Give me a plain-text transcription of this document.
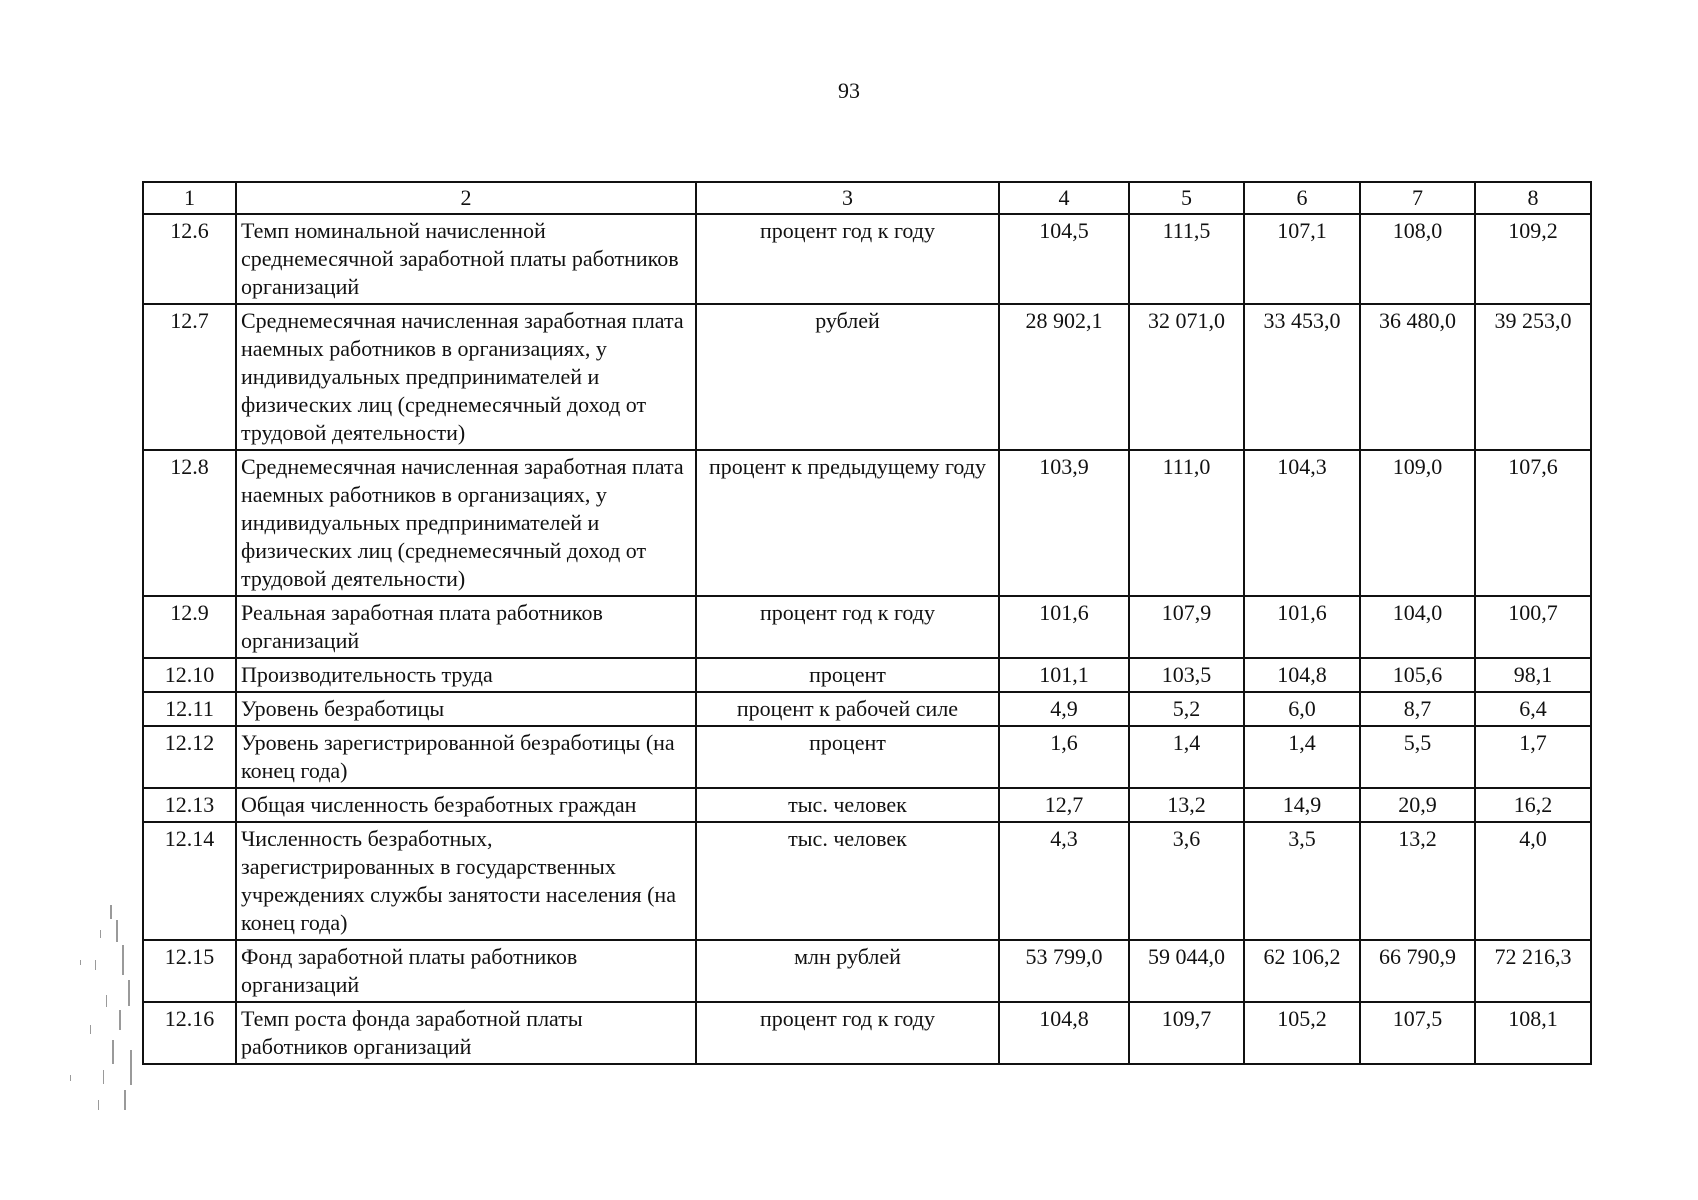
93
1	2	3	4	5	6	7	8
12.6	Темп номинальной начисленной среднемесячной заработной платы работников организаций	процент год к году	104,5	111,5	107,1	108,0	109,2
12.7	Среднемесячная начисленная заработная плата наемных работников в организациях, у индивидуальных предпринимателей и физических лиц (среднемесячный доход от трудовой деятельности)	рублей	28 902,1	32 071,0	33 453,0	36 480,0	39 253,0
12.8	Среднемесячная начисленная заработная плата наемных работников в организациях, у индивидуальных предпринимателей и физических лиц (среднемесячный доход от трудовой деятельности)	процент к предыдущему году	103,9	111,0	104,3	109,0	107,6
12.9	Реальная заработная плата работников организаций	процент год к году	101,6	107,9	101,6	104,0	100,7
12.10	Производительность труда	процент	101,1	103,5	104,8	105,6	98,1
12.11	Уровень безработицы	процент к рабочей силе	4,9	5,2	6,0	8,7	6,4
12.12	Уровень зарегистрированной безработицы (на конец года)	процент	1,6	1,4	1,4	5,5	1,7
12.13	Общая численность безработных граждан	тыс. человек	12,7	13,2	14,9	20,9	16,2
12.14	Численность безработных, зарегистрированных в государственных учреждениях службы занятости населения (на конец года)	тыс. человек	4,3	3,6	3,5	13,2	4,0
12.15	Фонд заработной платы работников организаций	млн рублей	53 799,0	59 044,0	62 106,2	66 790,9	72 216,3
12.16	Темп роста фонда заработной платы работников организаций	процент год к году	104,8	109,7	105,2	107,5	108,1
